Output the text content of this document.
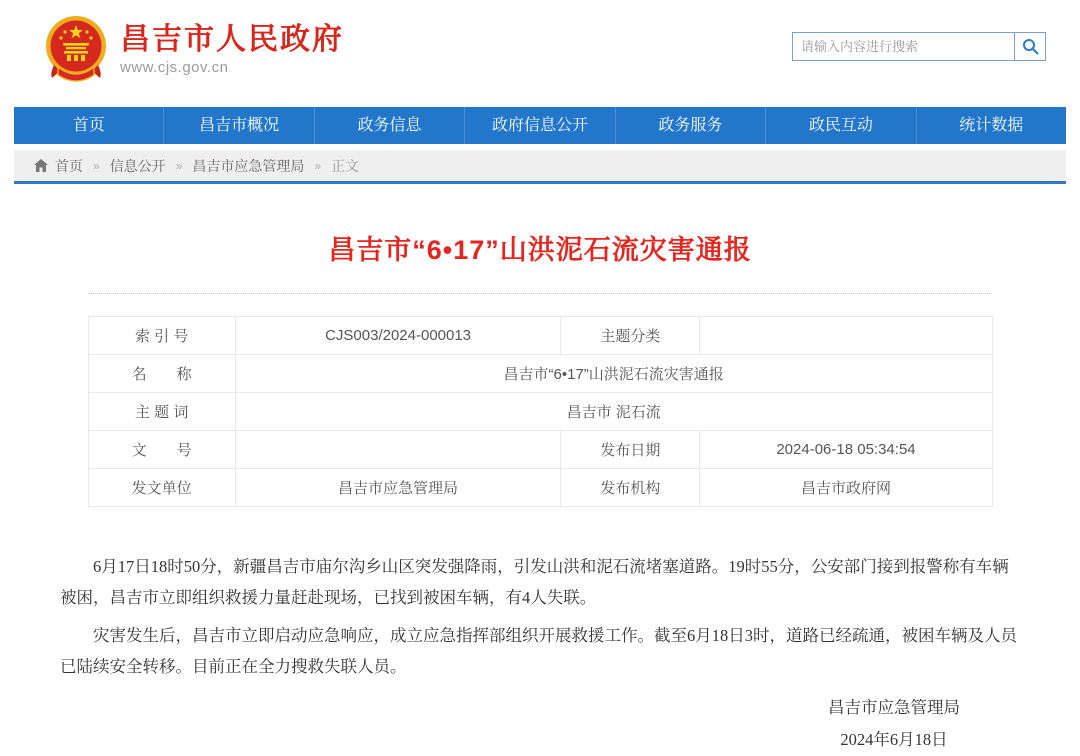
昌吉市人民政府
www.cjs.gov.cn
请输入内容进行搜索
首页	昌吉市概况	政务信息	政府信息公开	政务服务	政民互动	统计数据
首页 » 信息公开 » 昌吉市应急管理局 » 正文
昌吉市“6•17”山洪泥石流灾害通报
索 引 号	CJS003/2024-000013	主题分类	
名　　称	昌吉市“6•17”山洪泥石流灾害通报		
主 题 词	昌吉市 泥石流		
文　　号		发布日期	2024-06-18 05:34:54
发文单位	昌吉市应急管理局	发布机构	昌吉市政府网

6月17日18时50分，新疆昌吉市庙尔沟乡山区突发强降雨，引发山洪和泥石流堵塞道路。19时55分，公安部门接到报警称有车辆被困，昌吉市立即组织救援力量赶赴现场，已找到被困车辆，有4人失联。

灾害发生后，昌吉市立即启动应急响应，成立应急指挥部组织开展救援工作。截至6月18日3时，道路已经疏通，被困车辆及人员已陆续安全转移。目前正在全力搜救失联人员。

昌吉市应急管理局
2024年6月18日
